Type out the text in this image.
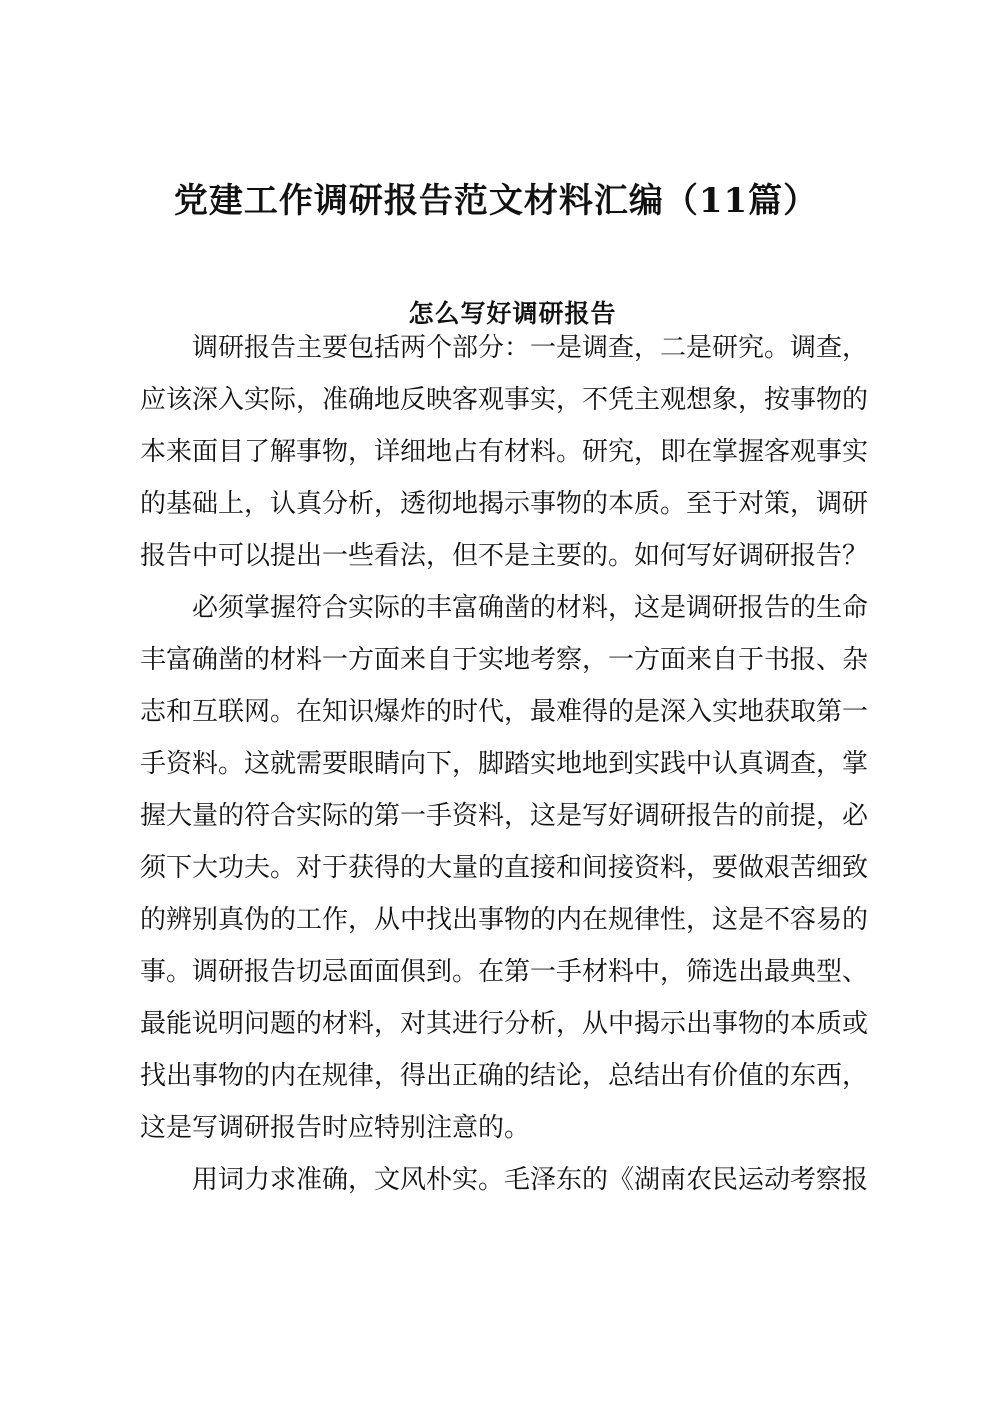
党建工作调研报告范文材料汇编（11篇）
怎么写好调研报告

调研报告主要包括两个部分：一是调查，二是研究。调查，
应该深入实际，准确地反映客观事实，不凭主观想象，按事物的
本来面目了解事物，详细地占有材料。研究，即在掌握客观事实
的基础上，认真分析，透彻地揭示事物的本质。至于对策，调研
报告中可以提出一些看法，但不是主要的。如何写好调研报告？

必须掌握符合实际的丰富确凿的材料，这是调研报告的生命
丰富确凿的材料一方面来自于实地考察，一方面来自于书报、杂
志和互联网。在知识爆炸的时代，最难得的是深入实地获取第一
手资料。这就需要眼睛向下，脚踏实地地到实践中认真调查，掌
握大量的符合实际的第一手资料，这是写好调研报告的前提，必
须下大功夫。对于获得的大量的直接和间接资料，要做艰苦细致
的辨别真伪的工作，从中找出事物的内在规律性，这是不容易的
事。调研报告切忌面面俱到。在第一手材料中，筛选出最典型、
最能说明问题的材料，对其进行分析，从中揭示出事物的本质或
找出事物的内在规律，得出正确的结论，总结出有价值的东西，
这是写调研报告时应特别注意的。

用词力求准确，文风朴实。毛泽东的《湖南农民运动考察报
